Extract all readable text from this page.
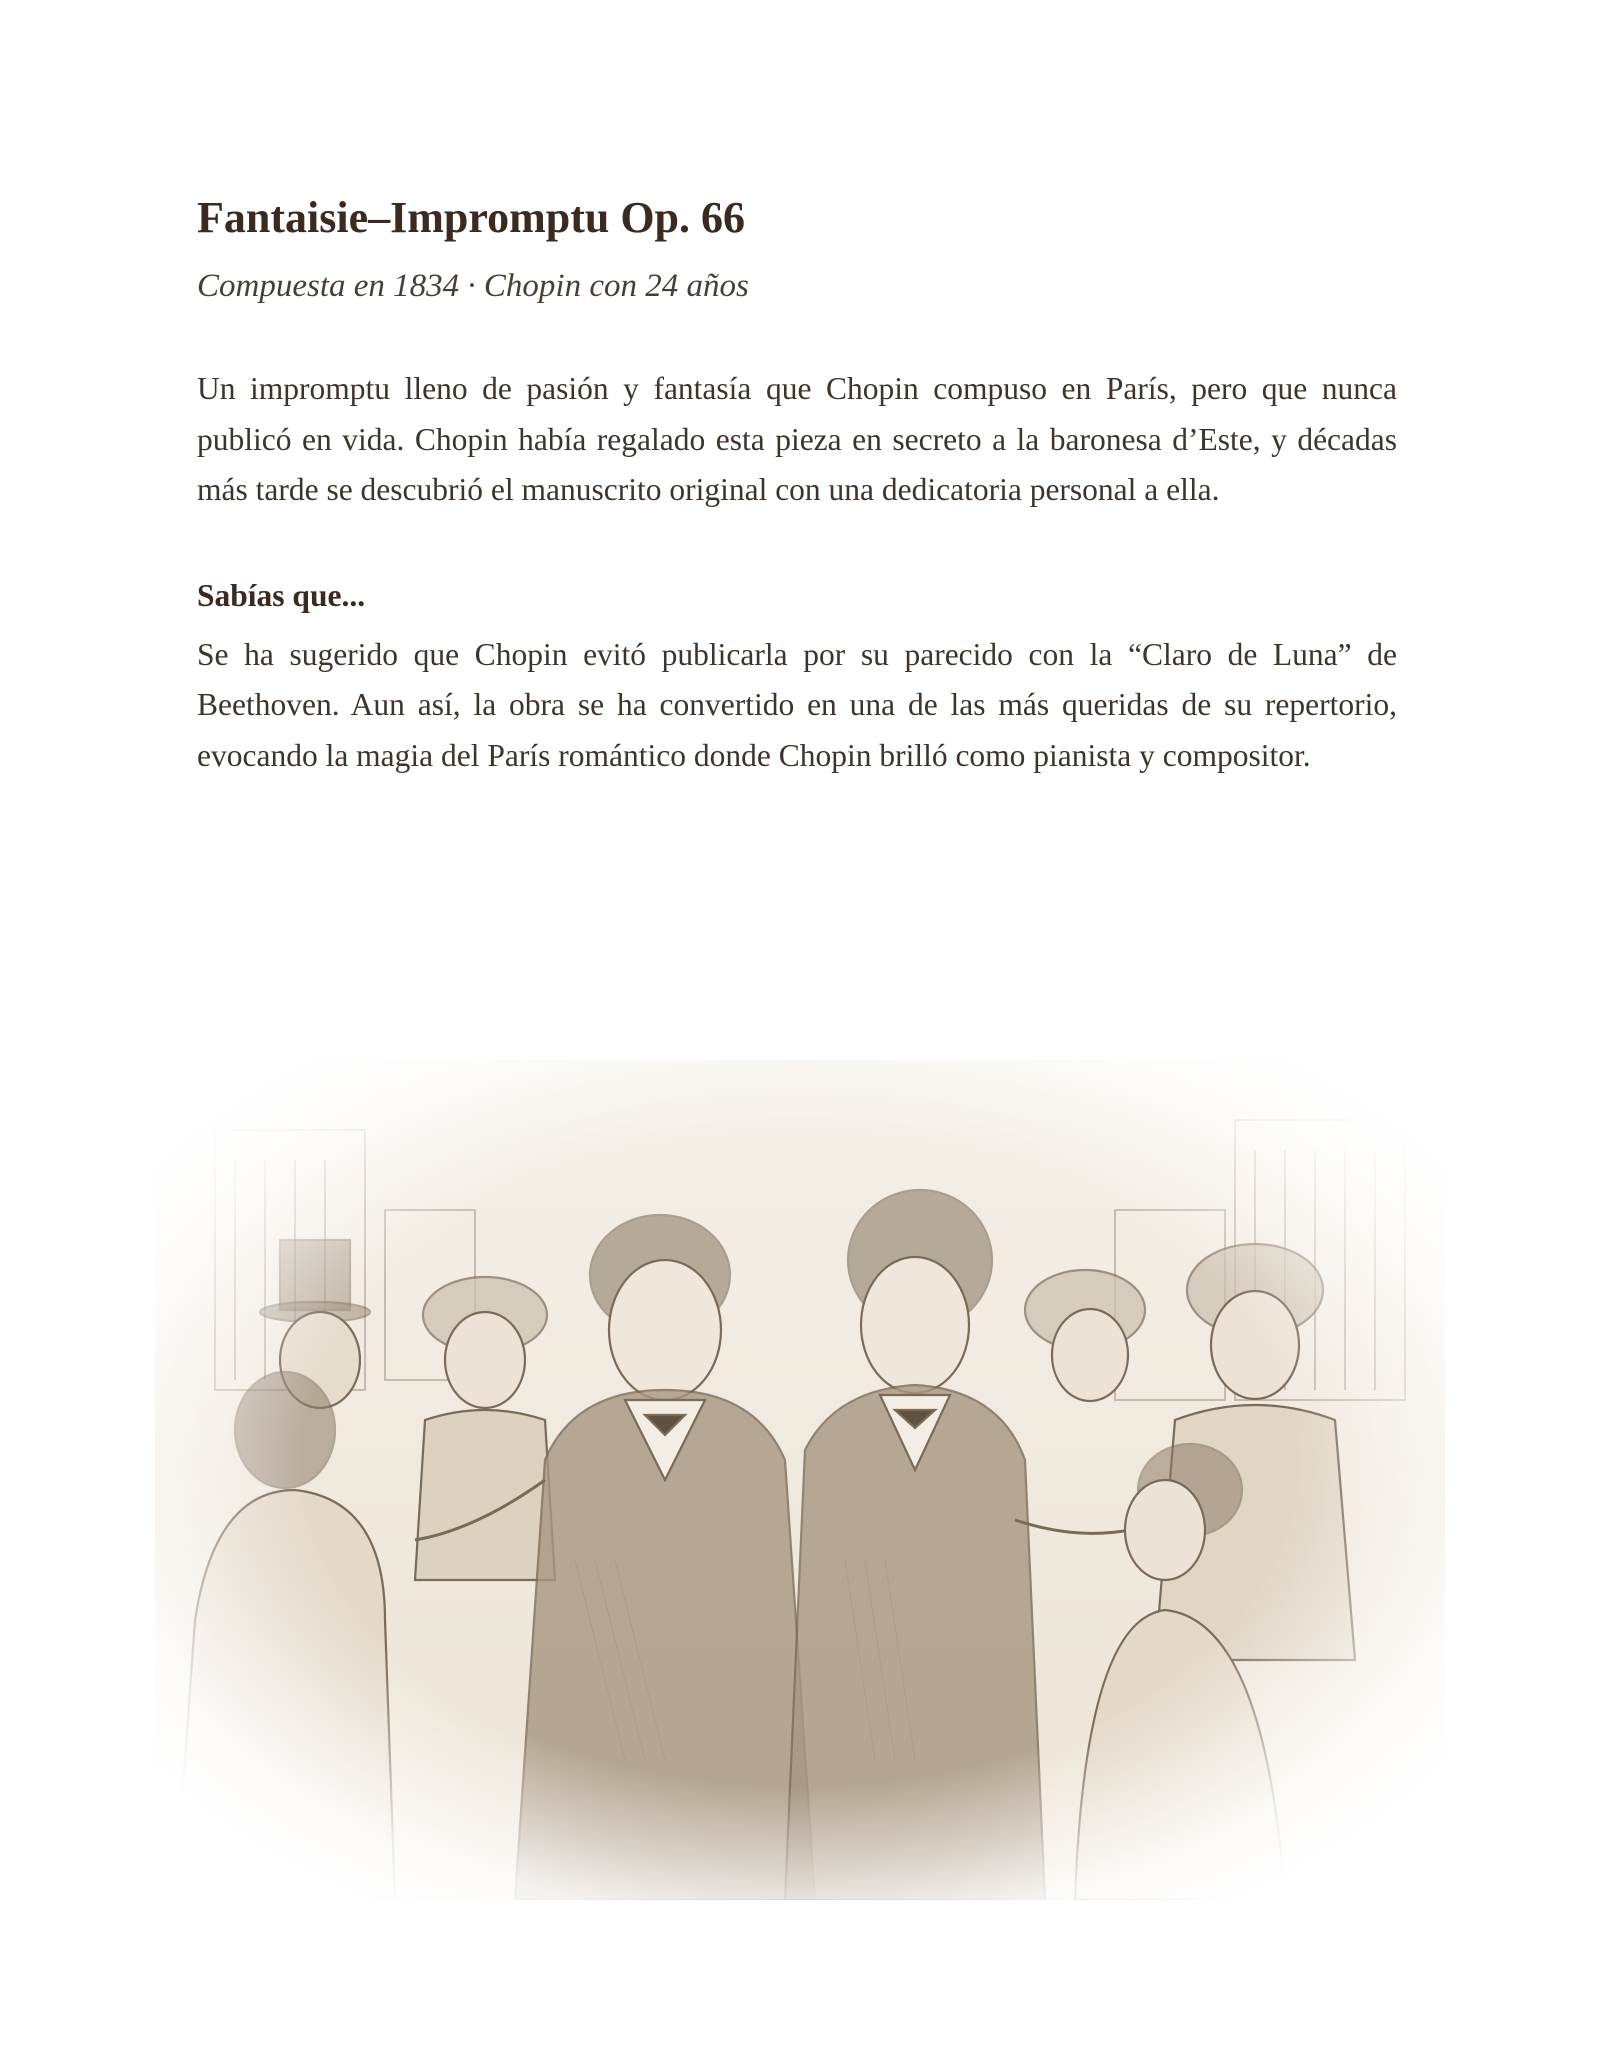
Fantaisie–Impromptu Op. 66

Compuesta en 1834 · Chopin con 24 años

Un impromptu lleno de pasión y fantasía que Chopin compuso en París, pero que nunca publicó en vida. Chopin había regalado esta pieza en secreto a la baronesa d’Este, y décadas más tarde se descubrió el manuscrito original con una dedicatoria personal a ella.

Sabías que...

Se ha sugerido que Chopin evitó publicarla por su parecido con la “Claro de Luna” de Beethoven. Aun así, la obra se ha convertido en una de las más queridas de su repertorio, evocando la magia del París romántico donde Chopin brilló como pianista y compositor.
